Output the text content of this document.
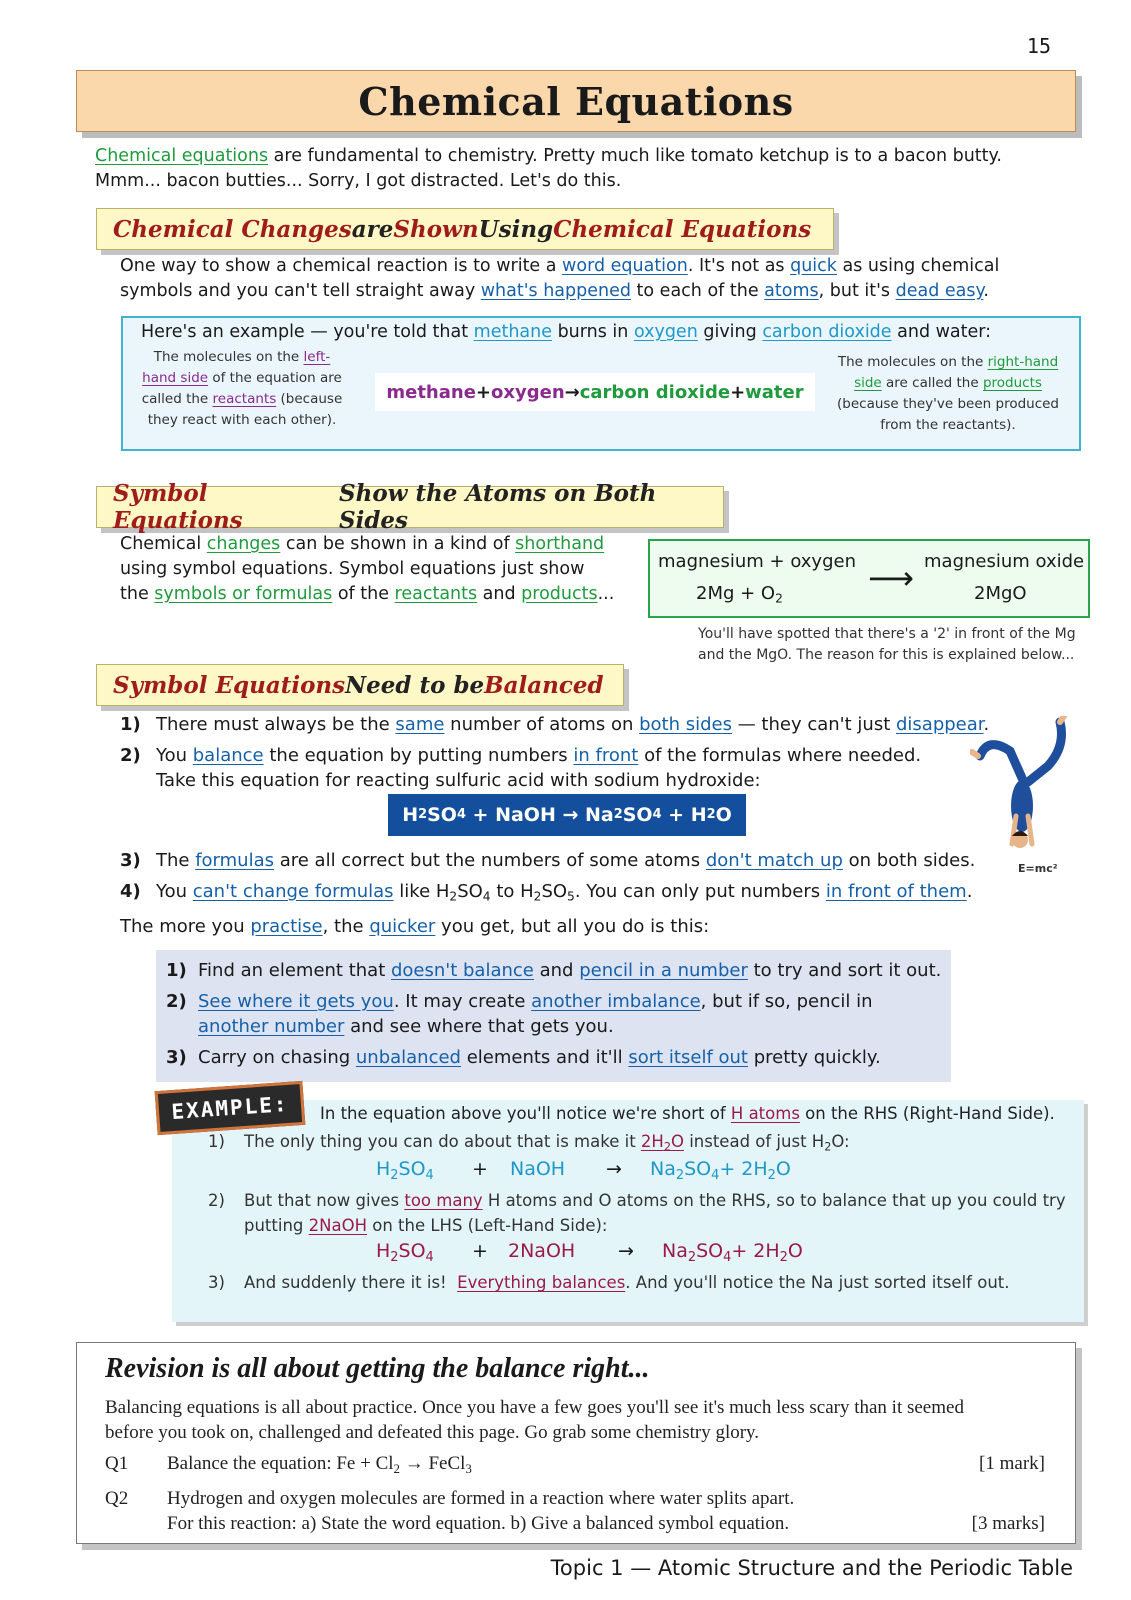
15
Chemical Equations
Chemical equations are fundamental to chemistry. Pretty much like tomato ketchup is to a bacon butty.
Mmm... bacon butties... Sorry, I got distracted. Let's do this.
Chemical Changes are Shown Using Chemical Equations
One way to show a chemical reaction is to write a word equation. It's not as quick as using chemical
symbols and you can't tell straight away what's happened to each of the atoms, but it's dead easy.
Here's an example — you're told that methane burns in oxygen giving carbon dioxide and water:
The molecules on the left-hand side of the equation are called the reactants (because they react with each other).
methane + oxygen → carbon dioxide + water
The molecules on the right-hand side are called the products (because they've been produced from the reactants).
Symbol Equations
Show the Atoms on Both Sides
Chemical changes can be shown in a kind of shorthand
using symbol equations. Symbol equations just show
the symbols or formulas of the reactants and products...
magnesium + oxygen
$2Mg + O_2$
⟶ magnesium oxide
2MgO
You'll have spotted that there's a '2' in front of the Mg
and the MgO. The reason for this is explained below...
Symbol Equations Need to be Balanced
1) There must always be the same number of atoms on both sides — they can't just disappear.
2) You balance the equation by putting numbers in front of the formulas where needed.
Take this equation for reacting sulfuric acid with sodium hydroxide:
H 2 SO 4 + NaOH → Na 2 SO 4 + H 2 O
E=mc²
3) The formulas are all correct but the numbers of some atoms don't match up on both sides.
4) You can't change formulas like $H_2SO_4$ to $H_2SO_5$. You can only put numbers in front of them.
The more you practise, the quicker you get, but all you do is this:
1) Find an element that doesn't balance and pencil in a number to try and sort it out.
2) See where it gets you. It may create another imbalance, but if so, pencil in
another number and see where that gets you.
3) Carry on chasing unbalanced elements and it'll sort itself out pretty quickly.
In the equation above you'll notice we're short of H atoms on the RHS (Right-Hand Side).
1)	The only thing you can do about that is make it $2H_2O$ instead of just $H_2O$:
$H_2SO_4$	+	NaOH	→	$Na_2SO_4+ 2H_2O$
2)	But that now gives too many H atoms and O atoms on the RHS, so to balance that up you could try
putting 2NaOH on the LHS (Left-Hand Side):
$H_2SO_4$	+	2NaOH	→	$Na_2SO_4+ 2H_2O$
3)	And suddenly there it is!  Everything balances. And you'll notice the Na just sorted itself out.
EXAMPLE:
Revision is all about getting the balance right...
Balancing equations is all about practice. Once you have a few goes you'll see it's much less scary than it seemed
before you took on, challenged and defeated this page. Go grab some chemistry glory.
Q1 Balance the equation: $Fe + Cl_2$ → FeCl$_3$	[1 mark]
Q2 Hydrogen and oxygen molecules are formed in a reaction where water splits apart.
For this reaction: a) State the word equation. b) Give a balanced symbol equation.	[3 marks]
Topic 1 — Atomic Structure and the Periodic Table
